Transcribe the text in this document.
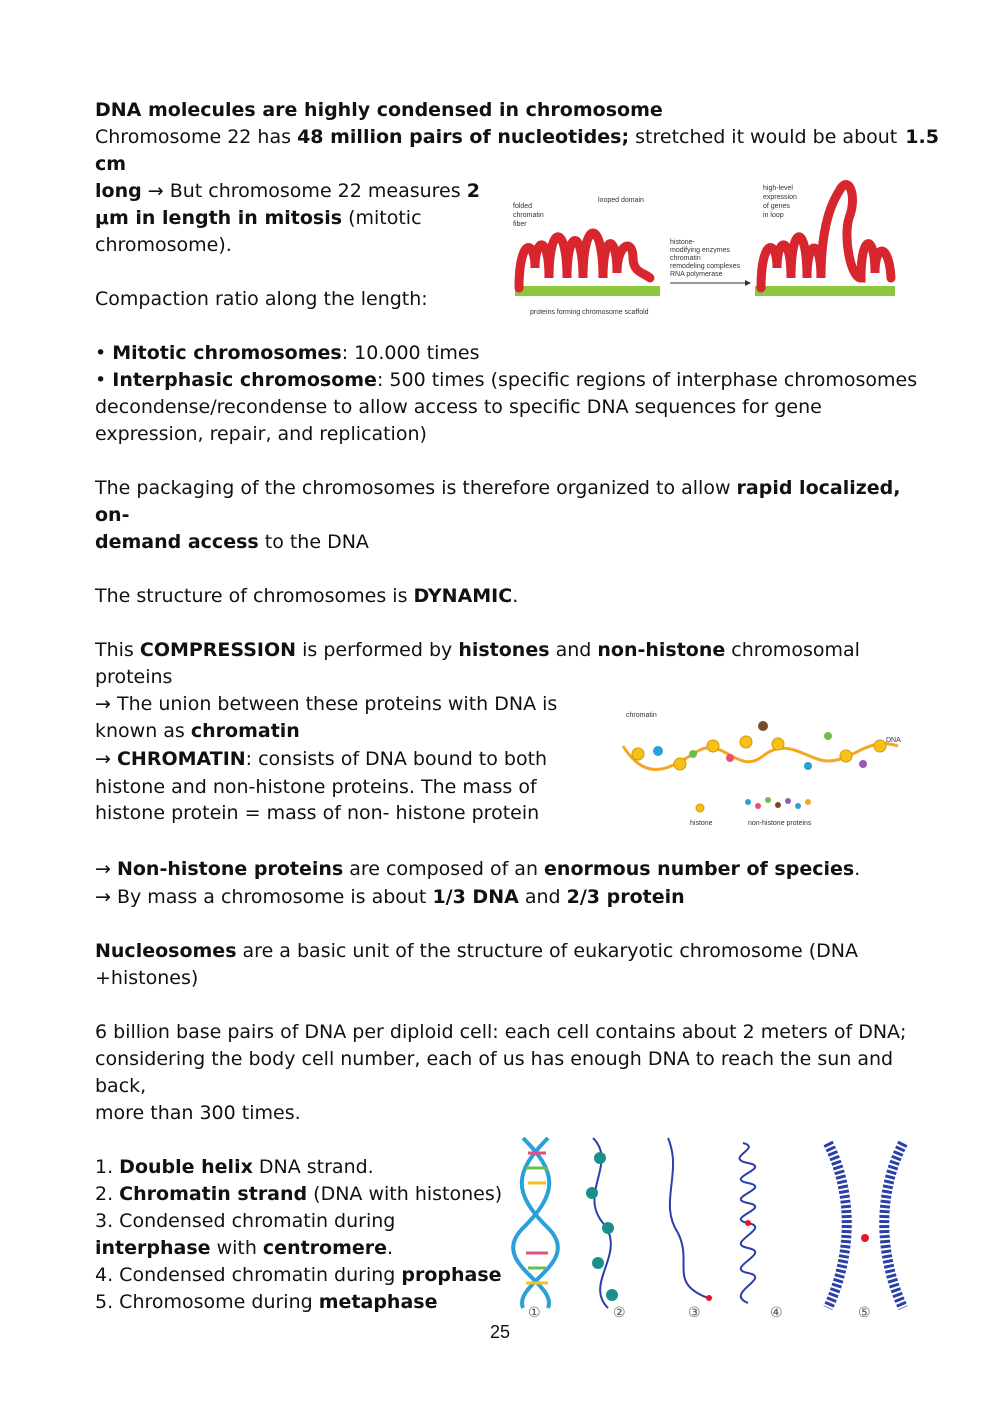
DNA molecules are highly condensed in chromosome
Chromosome 22 has 48 million pairs of nucleotides; stretched it would be about 1.5
cm
long → But chromosome 22 measures 2
μm in length in mitosis (mitotic
chromosome).
Compaction ratio along the length:
• Mitotic chromosomes: 10.000 times
• Interphasic chromosome: 500 times (specific regions of interphase chromosomes
decondense/recondense to allow access to specific DNA sequences for gene
expression, repair, and replication)
The packaging of the chromosomes is therefore organized to allow rapid localized,
on-
demand access to the DNA
The structure of chromosomes is DYNAMIC.
This COMPRESSION is performed by histones and non-histone chromosomal
proteins
→ The union between these proteins with DNA is
known as chromatin
→ CHROMATIN: consists of DNA bound to both
histone and non-histone proteins. The mass of
histone protein = mass of non- histone protein
→ Non-histone proteins are composed of an enormous number of species.
→ By mass a chromosome is about 1/3 DNA and 2/3 protein
Nucleosomes are a basic unit of the structure of eukaryotic chromosome (DNA
+histones)
6 billion base pairs of DNA per diploid cell: each cell contains about 2 meters of DNA;
considering the body cell number, each of us has enough DNA to reach the sun and
back,
more than 300 times.
1. Double helix DNA strand.
2. Chromatin strand (DNA with histones)
3. Condensed chromatin during
interphase with centromere.
4. Condensed chromatin during prophase
5. Chromosome during metaphase
folded
chromatin
fiber
looped domain
high-level
expression
of genes
in loop
histone-
modifying enzymes
chromatin
remodeling complexes
RNA polymerase
proteins forming chromosome scaffold
chromatin
DNA
histone	non-histone proteins
①	②	③	④	⑤
25
